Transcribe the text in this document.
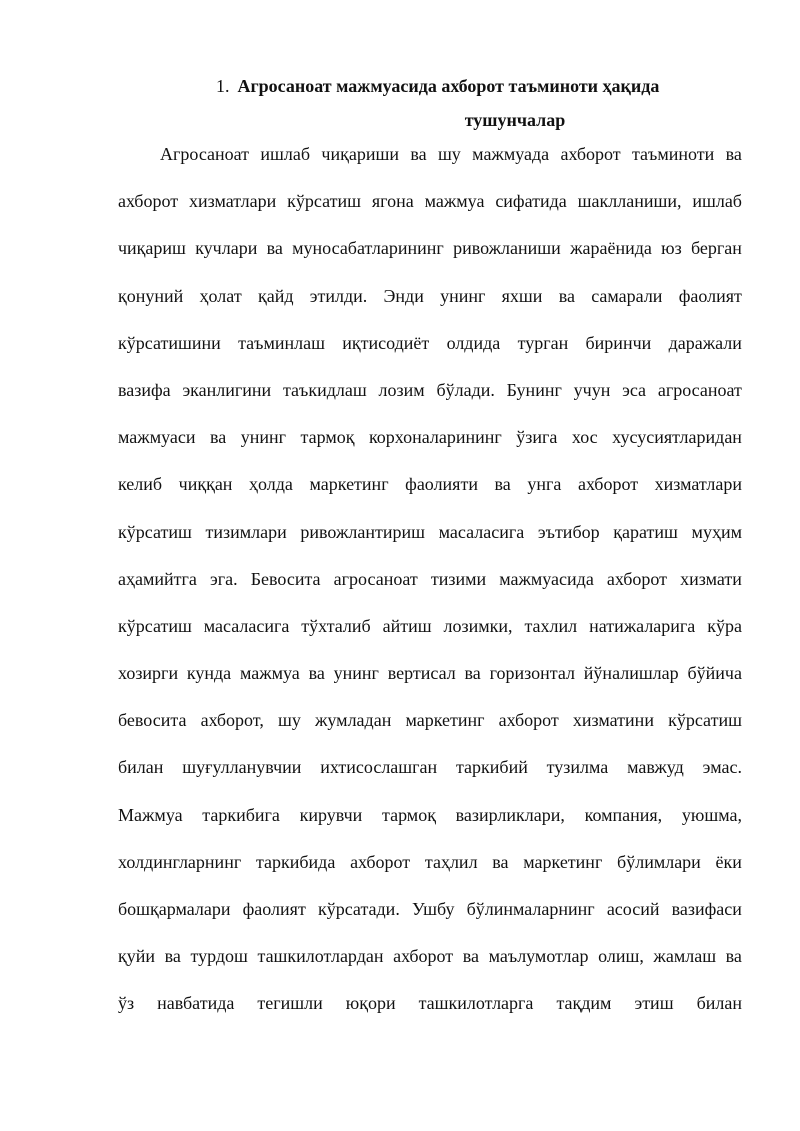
1. Агросаноат мажмуасида ахборот таъминоти ҳақида
тушунчалар
Агросаноат ишлаб чиқариши ва шу мажмуада ахборот таъминоти ва
ахборот хизматлари кўрсатиш ягона мажмуа сифатида шаклланиши, ишлаб
чиқариш кучлари ва муносабатларининг ривожланиши жараёнида юз берган
қонуний ҳолат қайд этилди. Энди унинг яхши ва самарали фаолият
кўрсатишини таъминлаш иқтисодиёт олдида турган биринчи даражали
вазифа эканлигини таъкидлаш лозим бўлади. Бунинг учун эса агросаноат
мажмуаси ва унинг тармоқ корхоналарининг ўзига хос хусусиятларидан
келиб чиққан ҳолда маркетинг фаолияти ва унга ахборот хизматлари
кўрсатиш тизимлари ривожлантириш масаласига эътибор қаратиш муҳим
аҳамийтга эга. Бевосита агросаноат тизими мажмуасида ахборот хизмати
кўрсатиш масаласига тўхталиб айтиш лозимки, тахлил натижаларига кўра
хозирги кунда мажмуа ва унинг вертисал ва горизонтал йўналишлар бўйича
бевосита ахборот, шу жумладан маркетинг ахборот хизматини кўрсатиш
билан шуғулланувчии ихтисослашган таркибий тузилма мавжуд эмас.
Мажмуа таркибига кирувчи тармоқ вазирликлари, компания, уюшма,
холдингларнинг таркибида ахборот таҳлил ва маркетинг бўлимлари ёки
бошқармалари фаолият кўрсатади. Ушбу бўлинмаларнинг асосий вазифаси
қуйи ва турдош ташкилотлардан ахборот ва маълумотлар олиш, жамлаш ва
ўз навбатида тегишли юқори ташкилотларга тақдим этиш билан
